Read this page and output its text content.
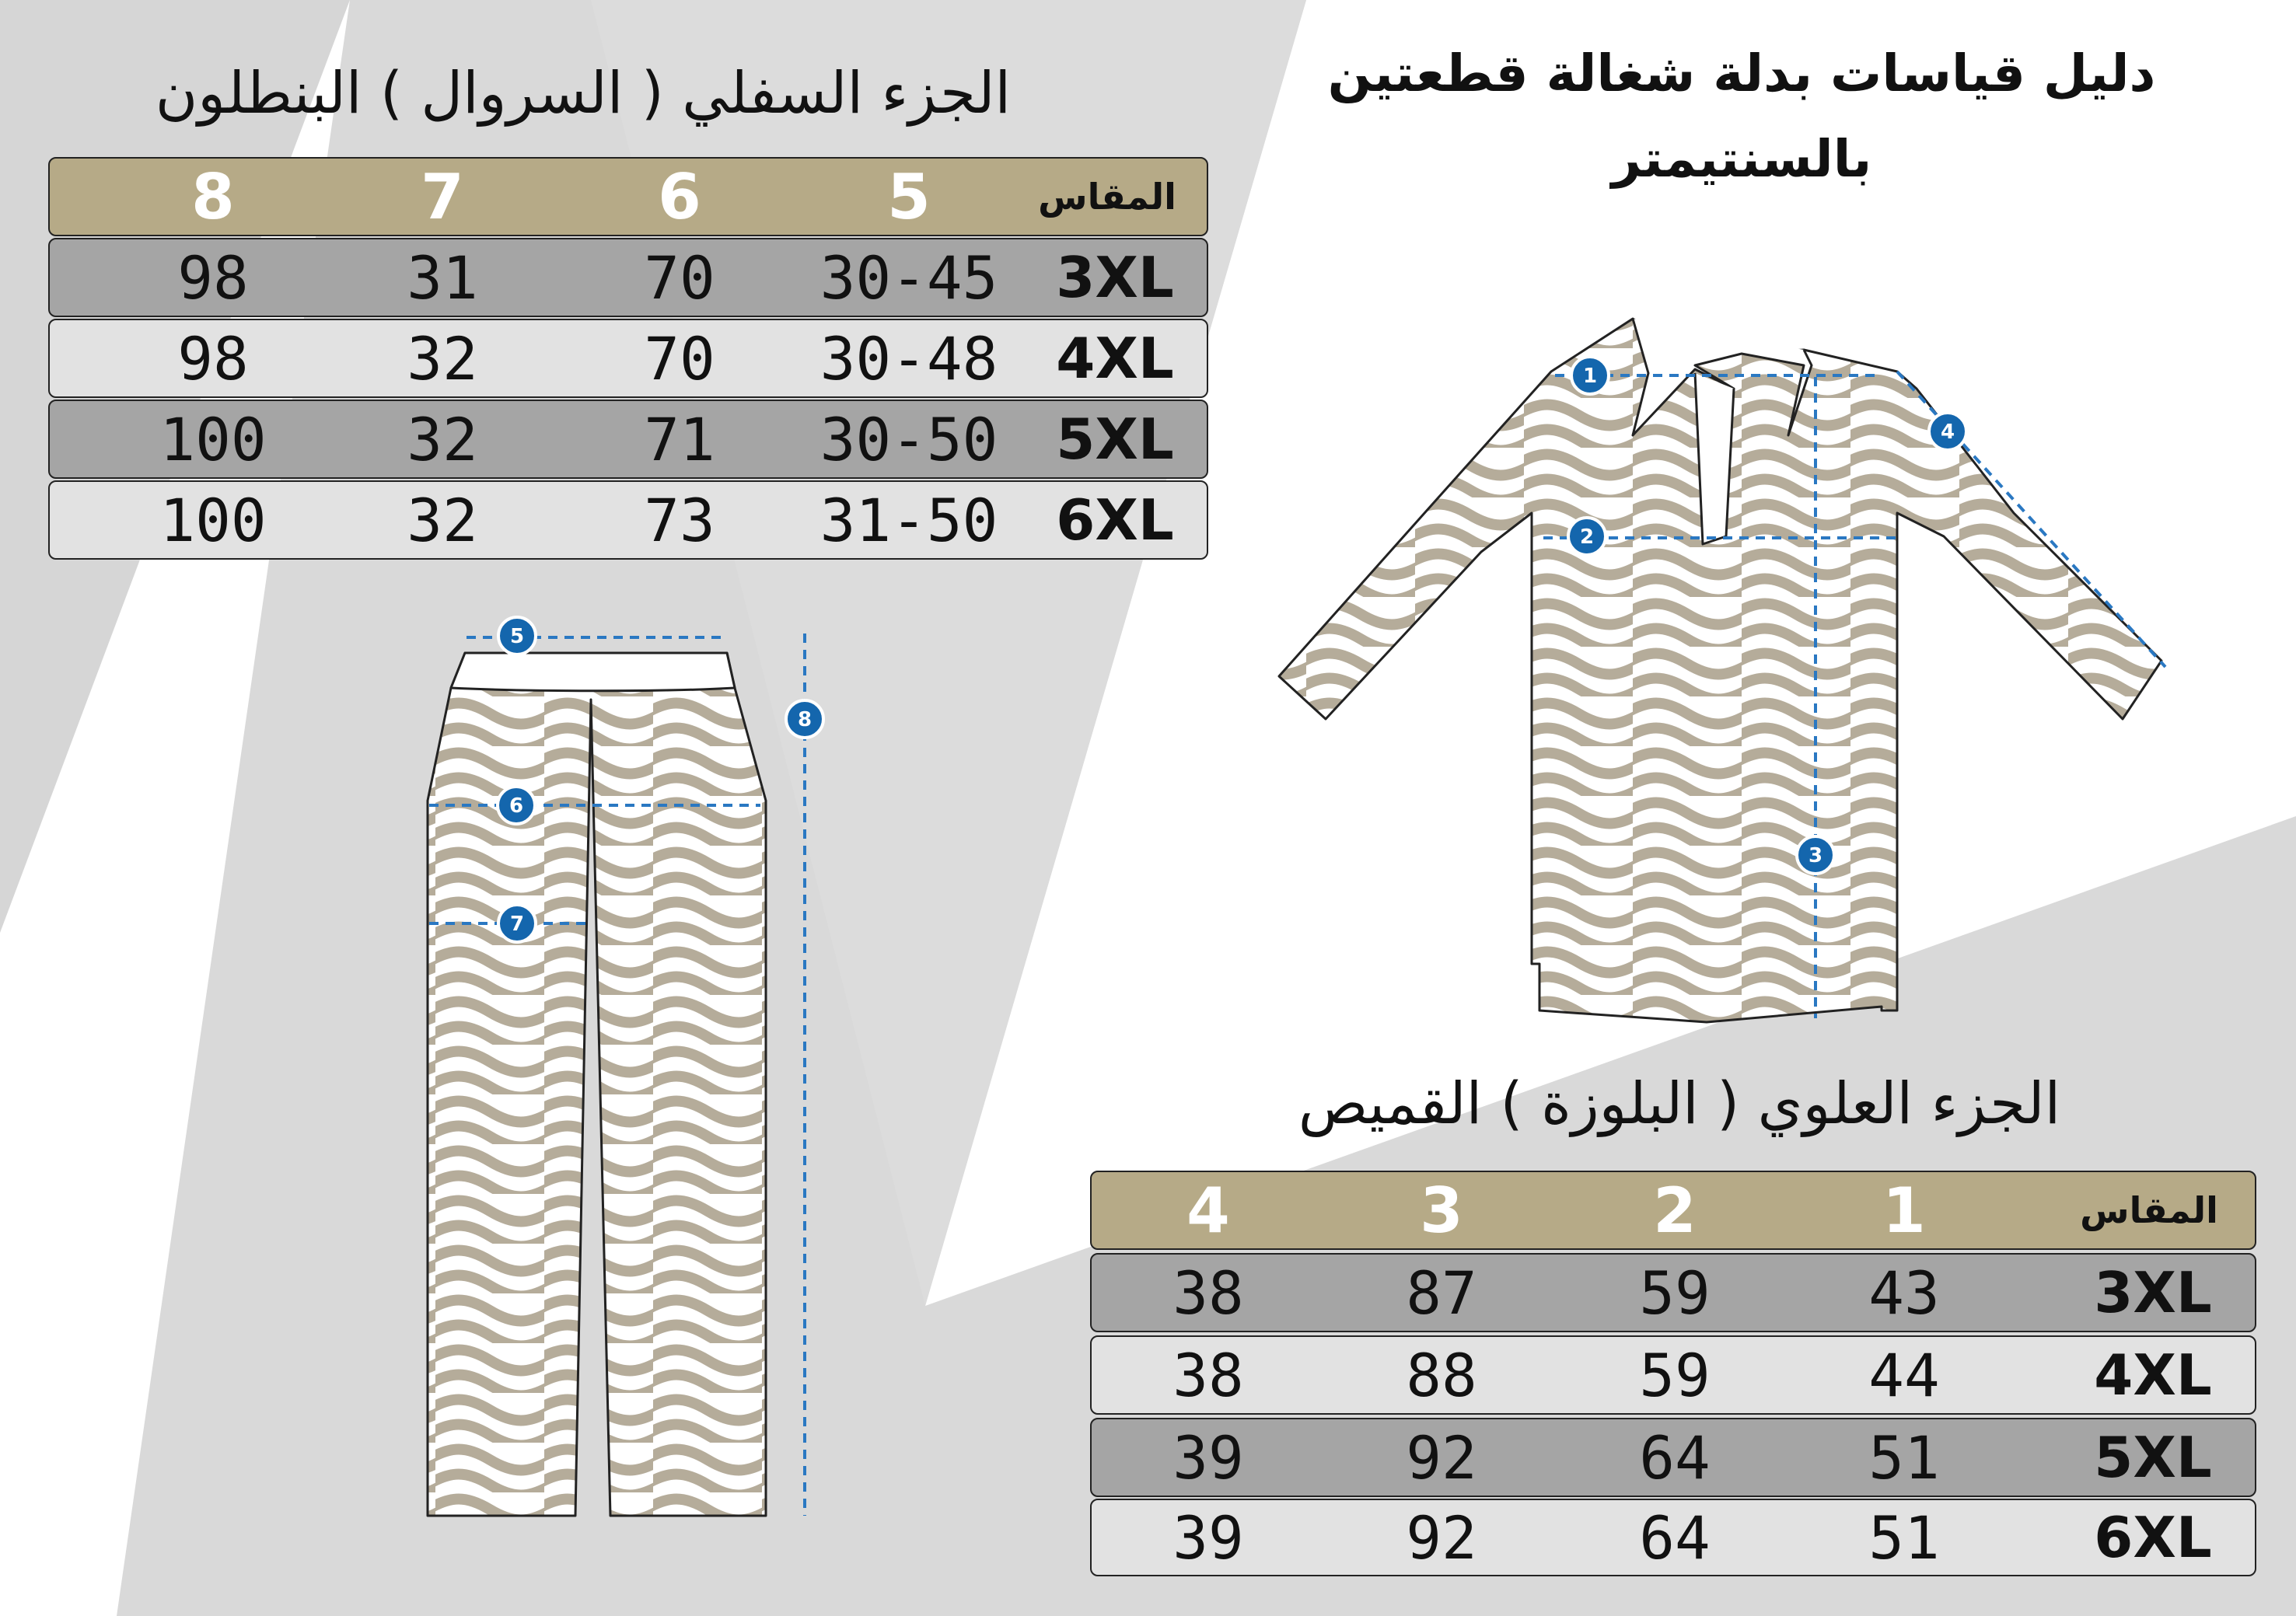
دليل قياسات بدلة شغالة قطعتين
بالسنتيمتر
الجزء السفلي ( السروال ) البنطلون
الجزء العلوي ( البلوزة ) القميص
8	7	6	5	المقاس
98	31	70	30-45	3XL
98	32	70	30-48	4XL
100	32	71	30-50	5XL
100	32	73	31-50	6XL
4	3	2	1	المقاس
38	87	59	43	3XL
38	88	59	44	4XL
39	92	64	51	5XL
39	92	64	51	6XL
1
2
3
4
5
6
7
8
